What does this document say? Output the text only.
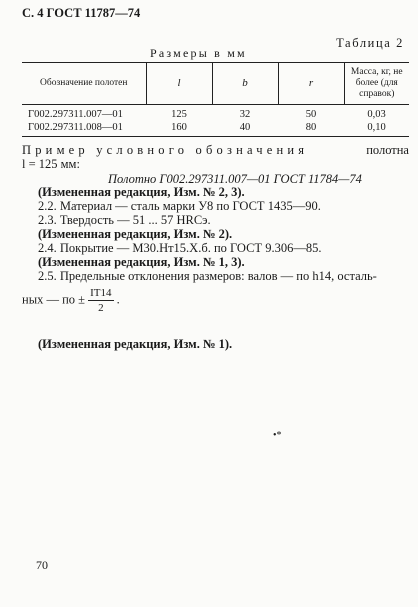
С. 4 ГОСТ 11787—74
Таблица 2
Размеры в мм
Обозначение полотен	l	b	r	Масса, кг, не более (для справок)
Г002.297311.007—01	125	32	50	0,03
Г002.297311.008—01	160	40	80	0,10
Пример условного обозначения	полотна
l = 125 мм:
Полотно Г002.297311.007—01 ГОСТ 11784—74
(Измененная редакция, Изм. № 2, 3).
2.2. Материал — сталь марки У8 по ГОСТ 1435—90.
2.3. Твердость — 51 ... 57 HRCэ.
(Измененная редакция, Изм. № 2).
2.4. Покрытие — М30.Нт15.Х.б. по ГОСТ 9.306—85.
(Измененная редакция, Изм. № 1, 3).
2.5. Предельные отклонения размеров: валов — по h14, осталь-
ных — по ± $\frac{IT14}{2}$ .
(Измененная редакция, Изм. № 1).
•*
70
